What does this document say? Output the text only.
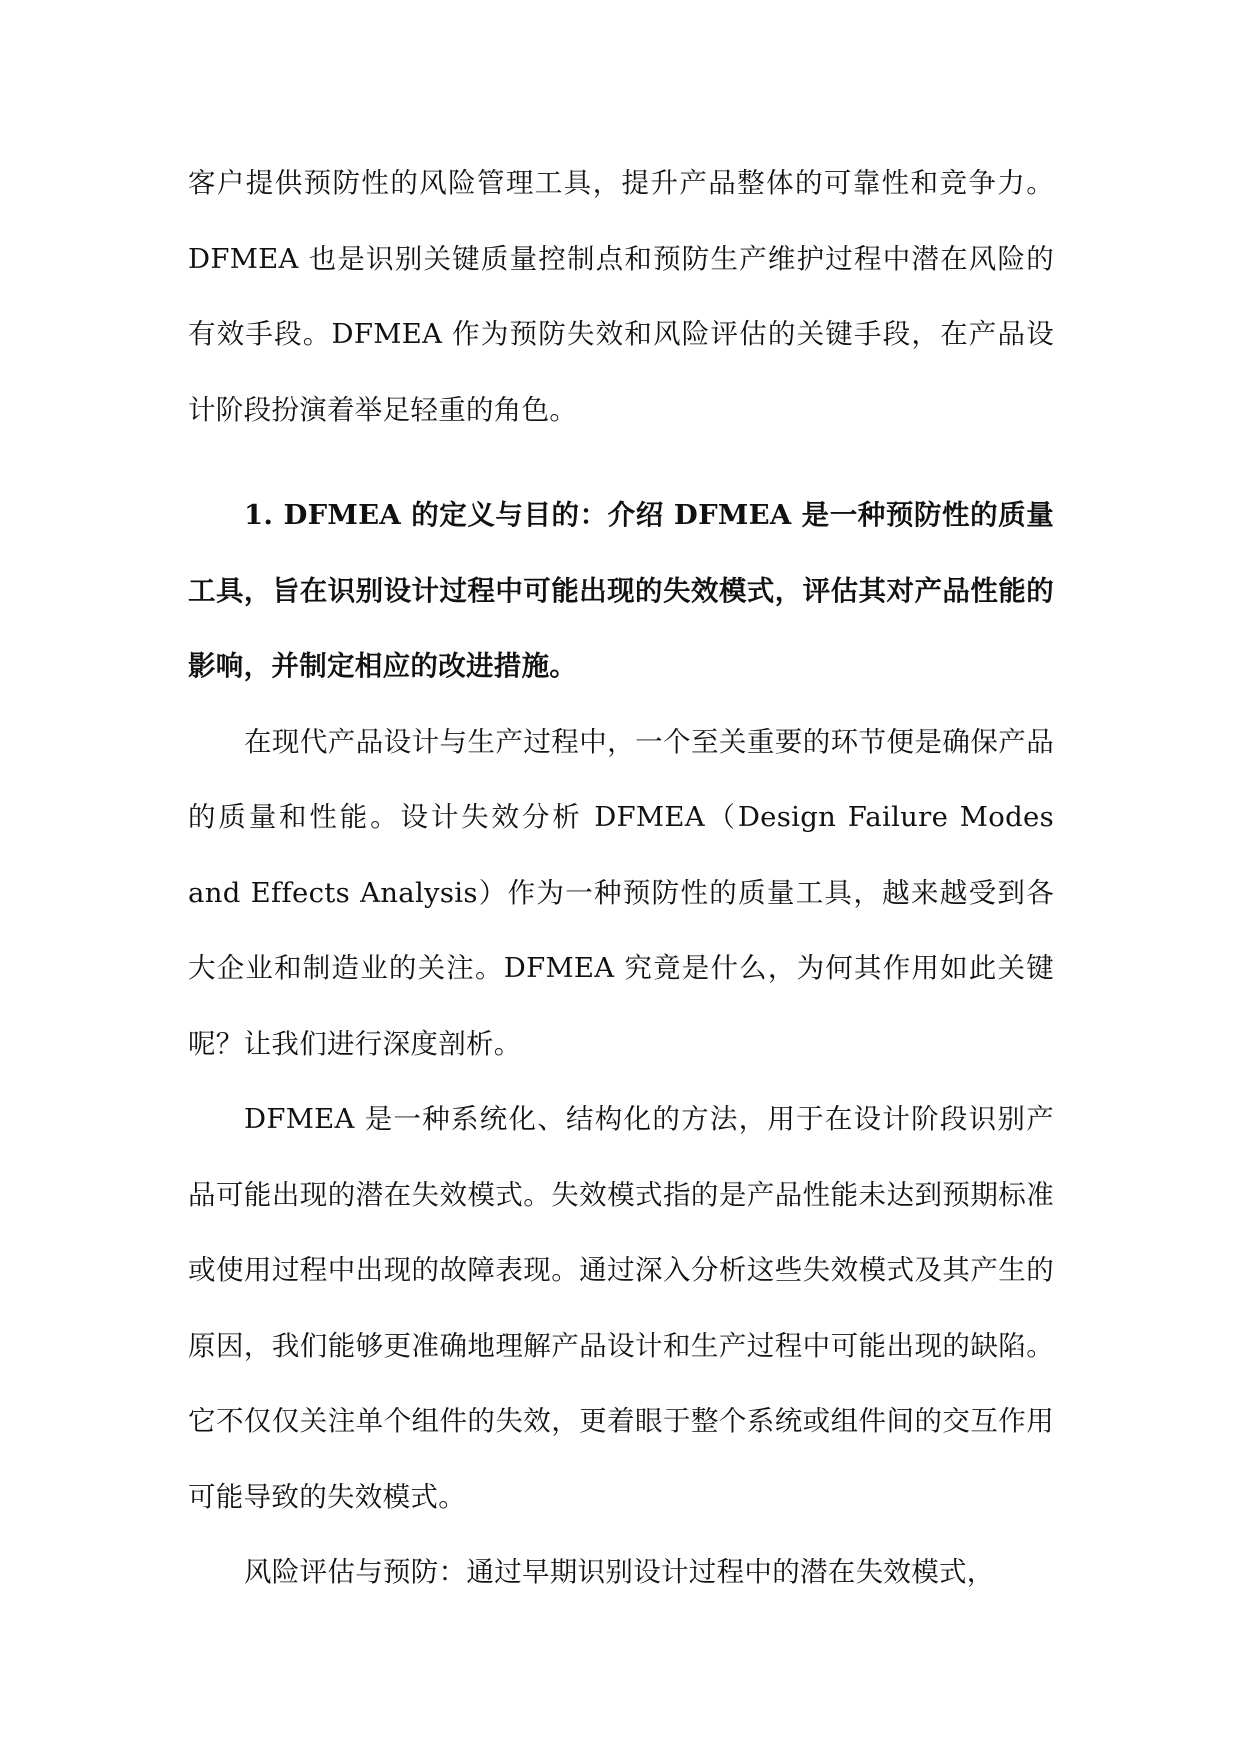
客户提供预防性的风险管理工具，提升产品整体的可靠性和竞争力。DFMEA 也是识别关键质量控制点和预防生产维护过程中潜在风险的有效手段。DFMEA 作为预防失效和风险评估的关键手段，在产品设计阶段扮演着举足轻重的角色。

1. DFMEA 的定义与目的：介绍 DFMEA 是一种预防性的质量工具，旨在识别设计过程中可能出现的失效模式，评估其对产品性能的影响，并制定相应的改进措施。

在现代产品设计与生产过程中，一个至关重要的环节便是确保产品的质量和性能。设计失效分析 DFMEA（Design Failure Modes and Effects Analysis）作为一种预防性的质量工具，越来越受到各大企业和制造业的关注。DFMEA 究竟是什么，为何其作用如此关键呢？让我们进行深度剖析。

DFMEA 是一种系统化、结构化的方法，用于在设计阶段识别产品可能出现的潜在失效模式。失效模式指的是产品性能未达到预期标准或使用过程中出现的故障表现。通过深入分析这些失效模式及其产生的原因，我们能够更准确地理解产品设计和生产过程中可能出现的缺陷。它不仅仅关注单个组件的失效，更着眼于整个系统或组件间的交互作用可能导致的失效模式。

风险评估与预防：通过早期识别设计过程中的潜在失效模式，
